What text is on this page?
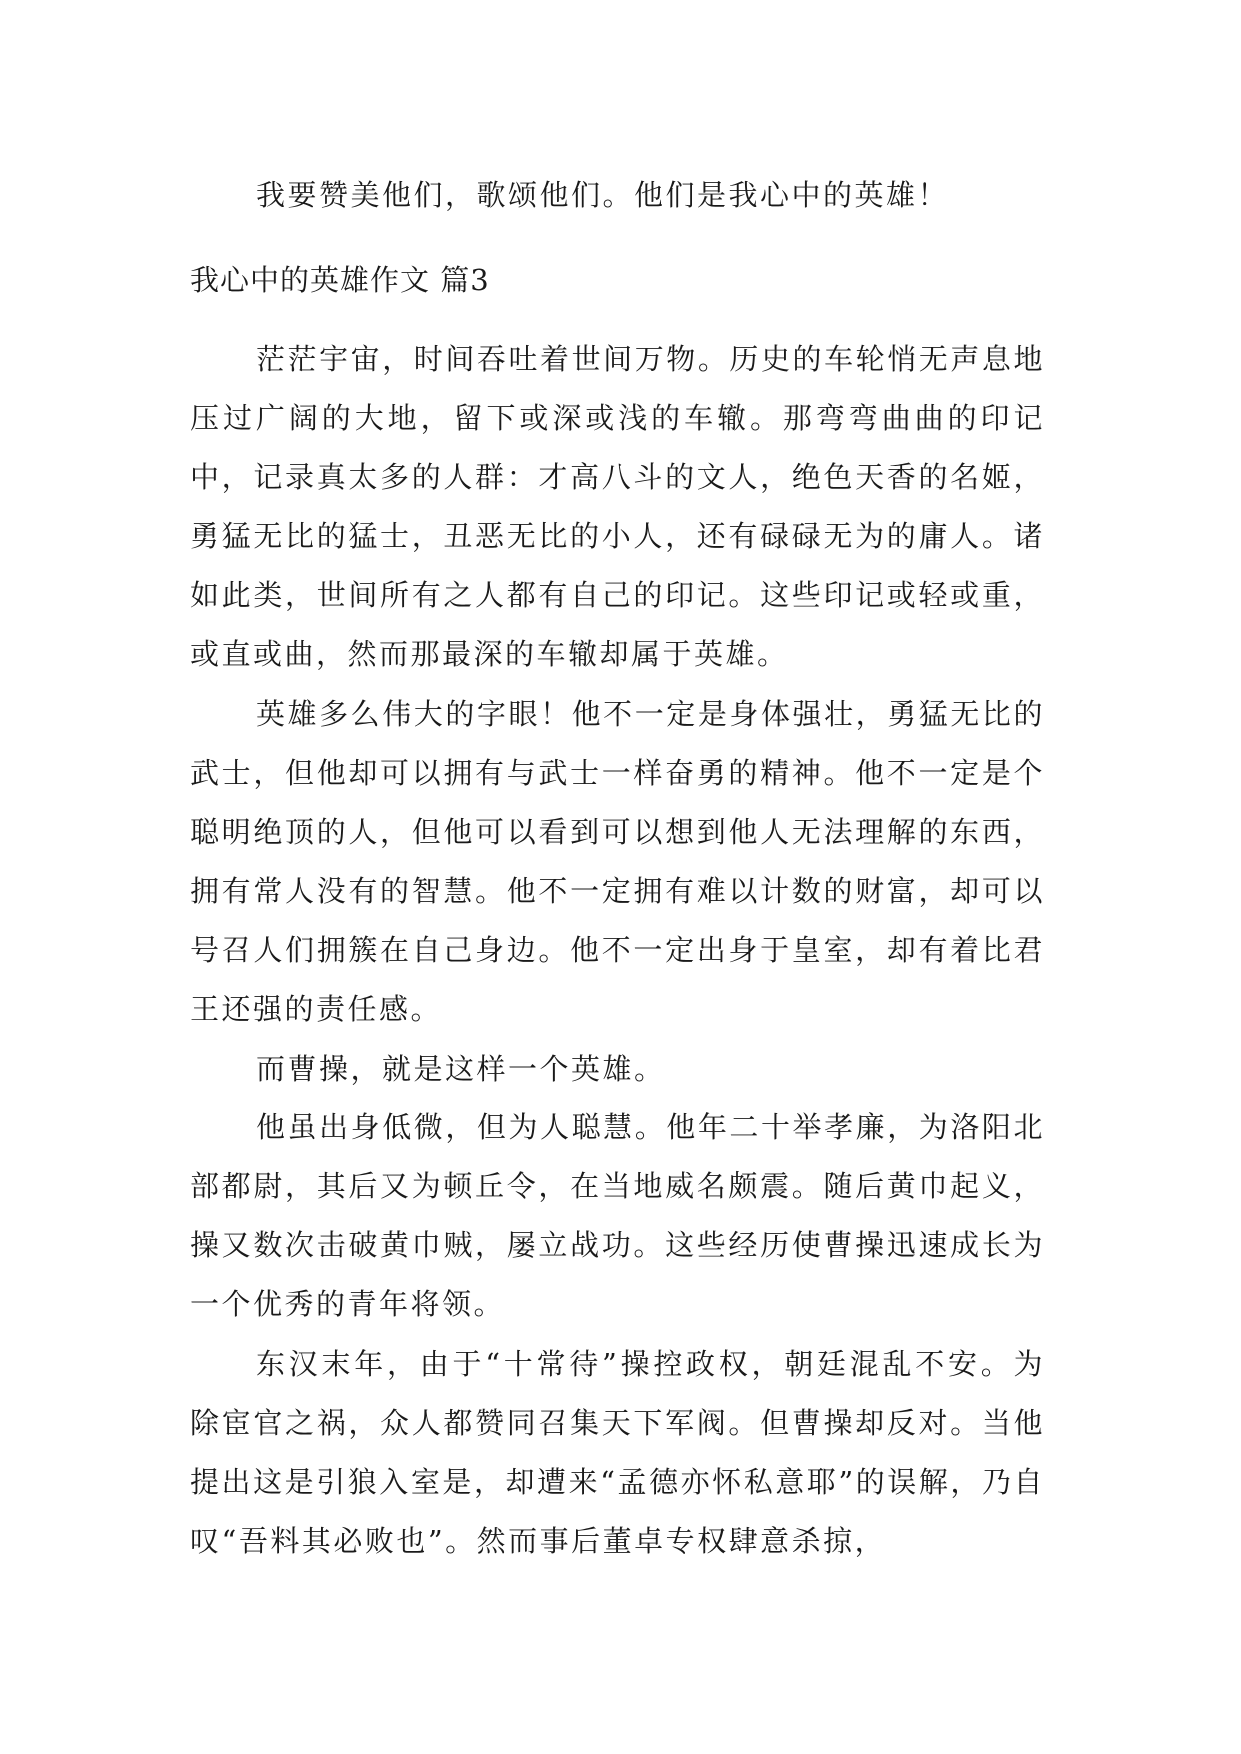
我要赞美他们，歌颂他们。他们是我心中的英雄！

我心中的英雄作文 篇3

茫茫宇宙，时间吞吐着世间万物。历史的车轮悄无声息地压过广阔的大地，留下或深或浅的车辙。那弯弯曲曲的印记中，记录真太多的人群：才高八斗的文人，绝色天香的名姬，勇猛无比的猛士，丑恶无比的小人，还有碌碌无为的庸人。诸如此类，世间所有之人都有自己的印记。这些印记或轻或重，或直或曲，然而那最深的车辙却属于英雄。

英雄多么伟大的字眼！他不一定是身体强壮，勇猛无比的武士，但他却可以拥有与武士一样奋勇的精神。他不一定是个聪明绝顶的人，但他可以看到可以想到他人无法理解的东西，拥有常人没有的智慧。他不一定拥有难以计数的财富，却可以号召人们拥簇在自己身边。他不一定出身于皇室，却有着比君王还强的责任感。

而曹操，就是这样一个英雄。

他虽出身低微，但为人聪慧。他年二十举孝廉，为洛阳北部都尉，其后又为顿丘令，在当地威名颇震。随后黄巾起义，操又数次击破黄巾贼，屡立战功。这些经历使曹操迅速成长为一个优秀的青年将领。

东汉末年，由于“十常待”操控政权，朝廷混乱不安。为除宦官之祸，众人都赞同召集天下军阀。但曹操却反对。当他提出这是引狼入室是，却遭来“孟德亦怀私意耶”的误解，乃自叹“吾料其必败也”。然而事后董卓专权肆意杀掠，
